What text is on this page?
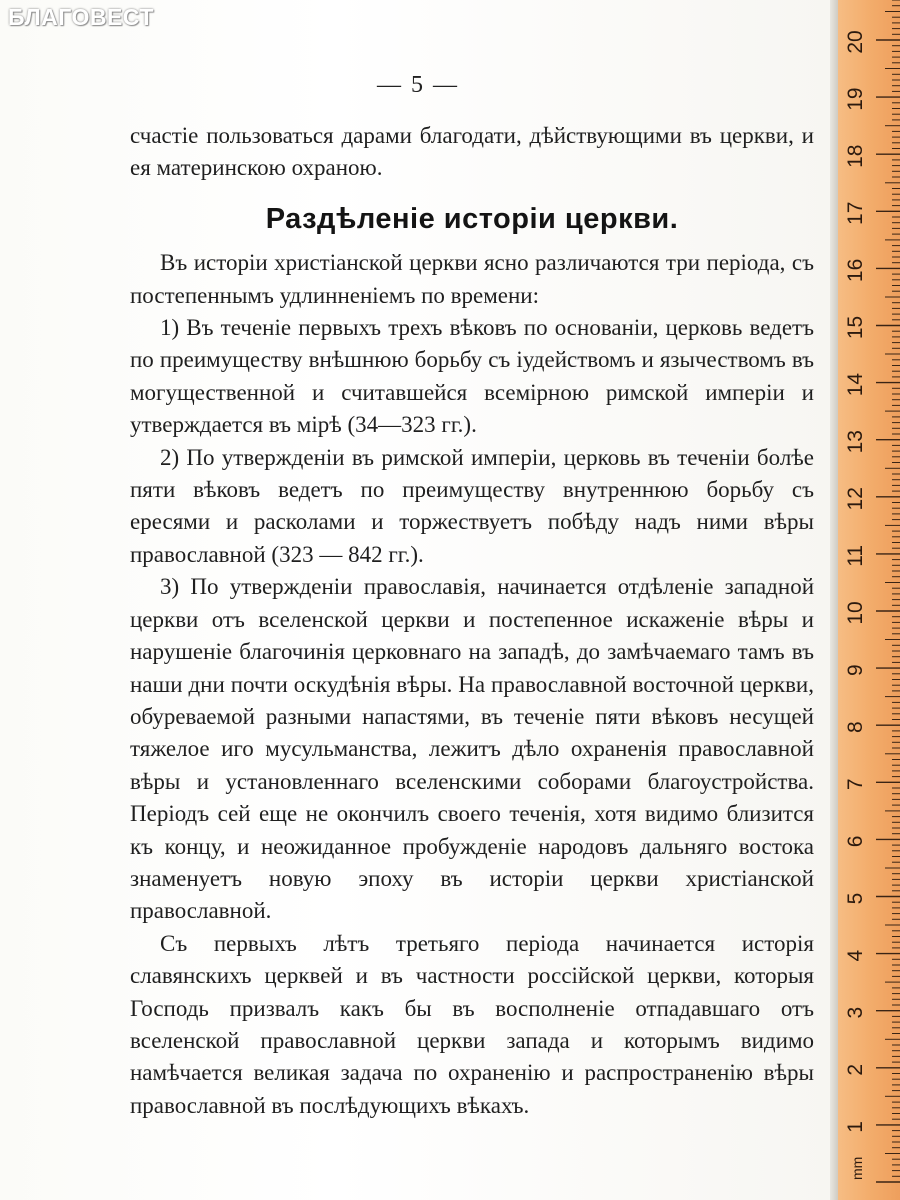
БЛАГОВЕСТ
— 5 —

счастіе пользоваться дарами благодати, дѣйствующими въ церкви, и ея материнскою охраною.

Раздѣленіе исторіи церкви.

Въ исторіи христіанской церкви ясно различаются три періода, съ постепеннымъ удлинненіемъ по времени:

1) Въ теченіе первыхъ трехъ вѣковъ по основаніи, церковь ведетъ по преимуществу внѣшнюю борьбу съ іудействомъ и язычествомъ въ могущественной и считавшейся всемірною римской имперіи и утверждается въ мірѣ (34—323 гг.).

2) По утвержденіи въ римской имперіи, церковь въ теченіи болѣе пяти вѣковъ ведетъ по преимуществу внутреннюю борьбу съ ересями и расколами и торжествуетъ побѣду надъ ними вѣры православной (323 — 842 гг.).

3) По утвержденіи православія, начинается отдѣленіе западной церкви отъ вселенской церкви и постепенное искаженіе вѣры и нарушеніе благочинія церковнаго на западѣ, до замѣчаемаго тамъ въ наши дни почти оскудѣнія вѣры. На православной восточной церкви, обуреваемой разными напастями, въ теченіе пяти вѣковъ несущей тяжелое иго мусульманства, лежитъ дѣло охраненія православной вѣры и установленнаго вселенскими соборами благоустройства. Періодъ сей еще не окончилъ своего теченія, хотя видимо близится къ концу, и неожиданное пробужденіе народовъ дальняго востока знаменуетъ новую эпоху въ исторіи церкви христіанской православной.

Съ первыхъ лѣтъ третьяго періода начинается исторія славянскихъ церквей и въ частности россійской церкви, которыя Господь призвалъ какъ бы въ восполненіе отпадавшаго отъ вселенской православной церкви запада и которымъ видимо намѣчается великая задача по охраненію и распространенію вѣры православной въ послѣдующихъ вѣкахъ.

1
2
3
4
5
6
7
8
9
10
11
12
13
14
15
16
17
18
19
20
mm
